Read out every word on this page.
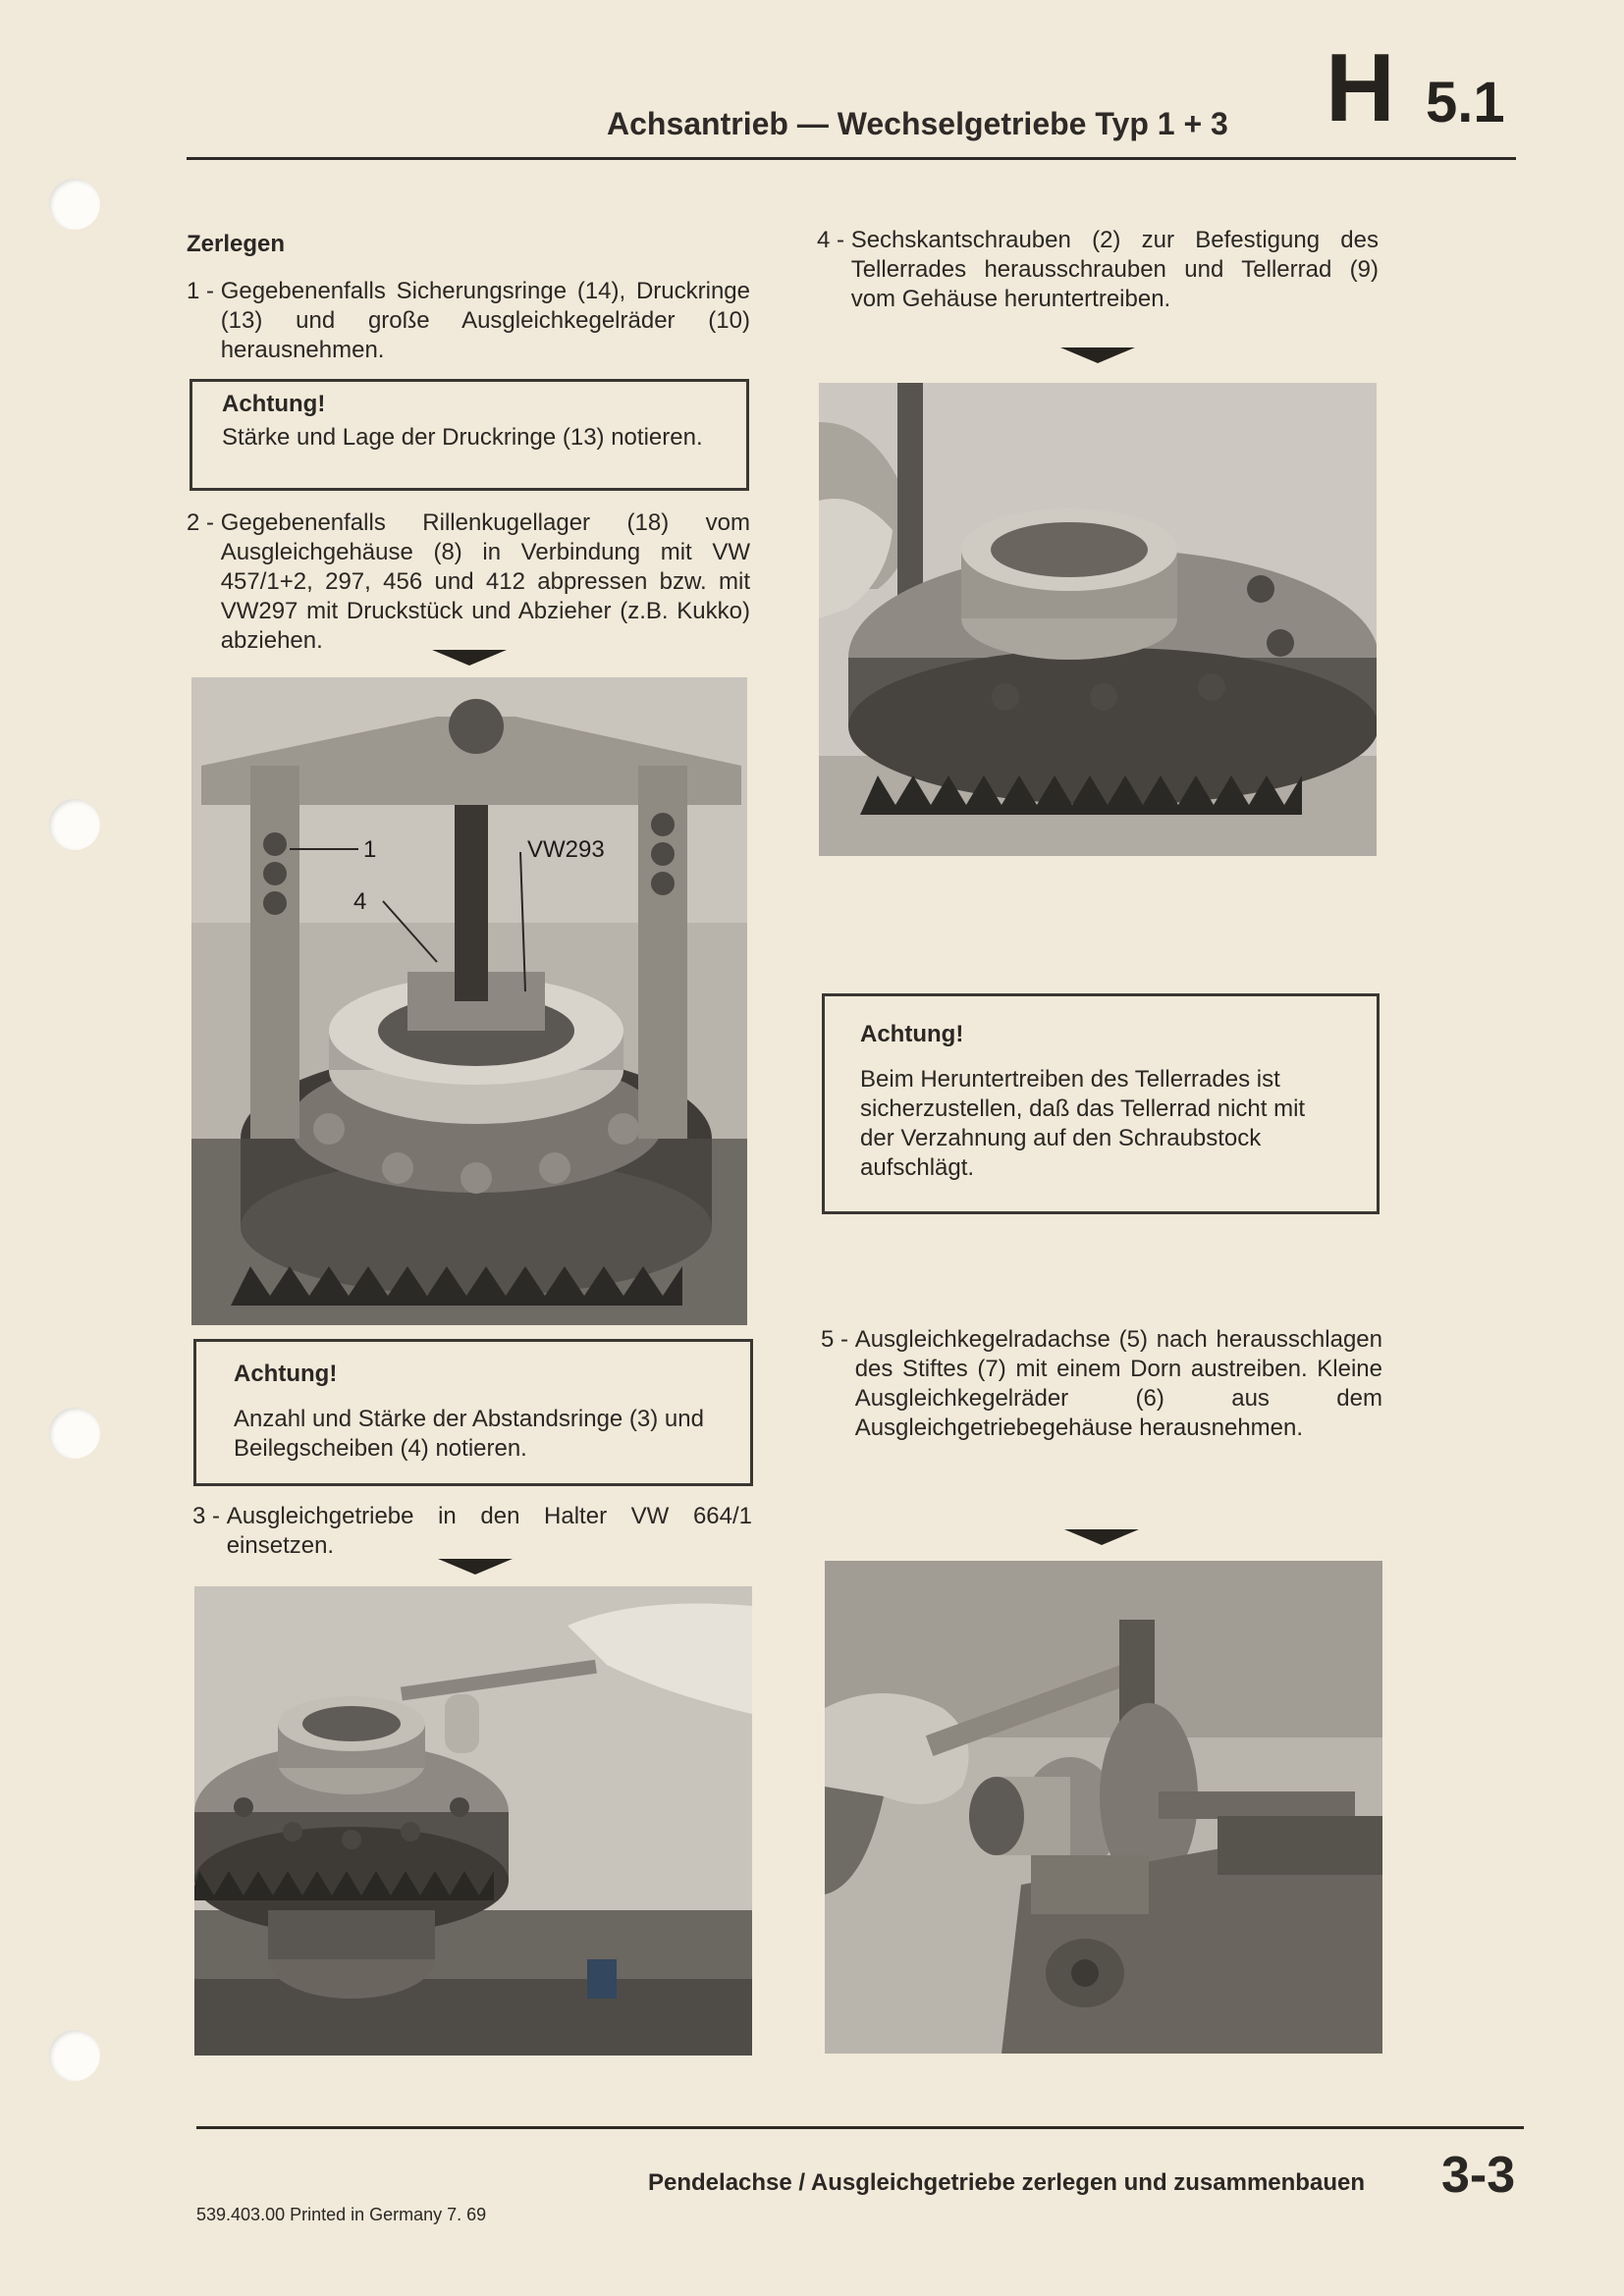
Achsantrieb — Wechselgetriebe Typ 1 + 3 H 5.1
Zerlegen
1 - Gegebenenfalls Sicherungsringe (14), Druckringe (13) und große Ausgleichkegelräder (10) herausnehmen.
Achtung!
Stärke und Lage der Druckringe (13) notieren.
2 - Gegebenenfalls Rillenkugellager (18) vom Ausgleichgehäuse (8) in Verbindung mit VW 457/1+2, 297, 456 und 412 abpressen bzw. mit VW297 mit Druckstück und Abzieher (z.B. Kukko) abziehen.
1
4
VW293
Achtung!
Anzahl und Stärke der Abstandsringe (3) und Beilegscheiben (4) notieren.
3 - Ausgleichgetriebe in den Halter VW 664/1 einsetzen.
4 - Sechskantschrauben (2) zur Befestigung des Tellerrades herausschrauben und Tellerrad (9) vom Gehäuse heruntertreiben.
Achtung!
Beim Heruntertreiben des Tellerrades ist sicherzustellen, daß das Tellerrad nicht mit der Verzahnung auf den Schraubstock aufschlägt.
5 - Ausgleichkegelradachse (5) nach herausschlagen des Stiftes (7) mit einem Dorn austreiben. Kleine Ausgleichkegelräder (6) aus dem Ausgleichgetriebegehäuse herausnehmen.
Pendelachse / Ausgleichgetriebe zerlegen und zusammenbauen 3-3
539.403.00 Printed in Germany 7. 69
